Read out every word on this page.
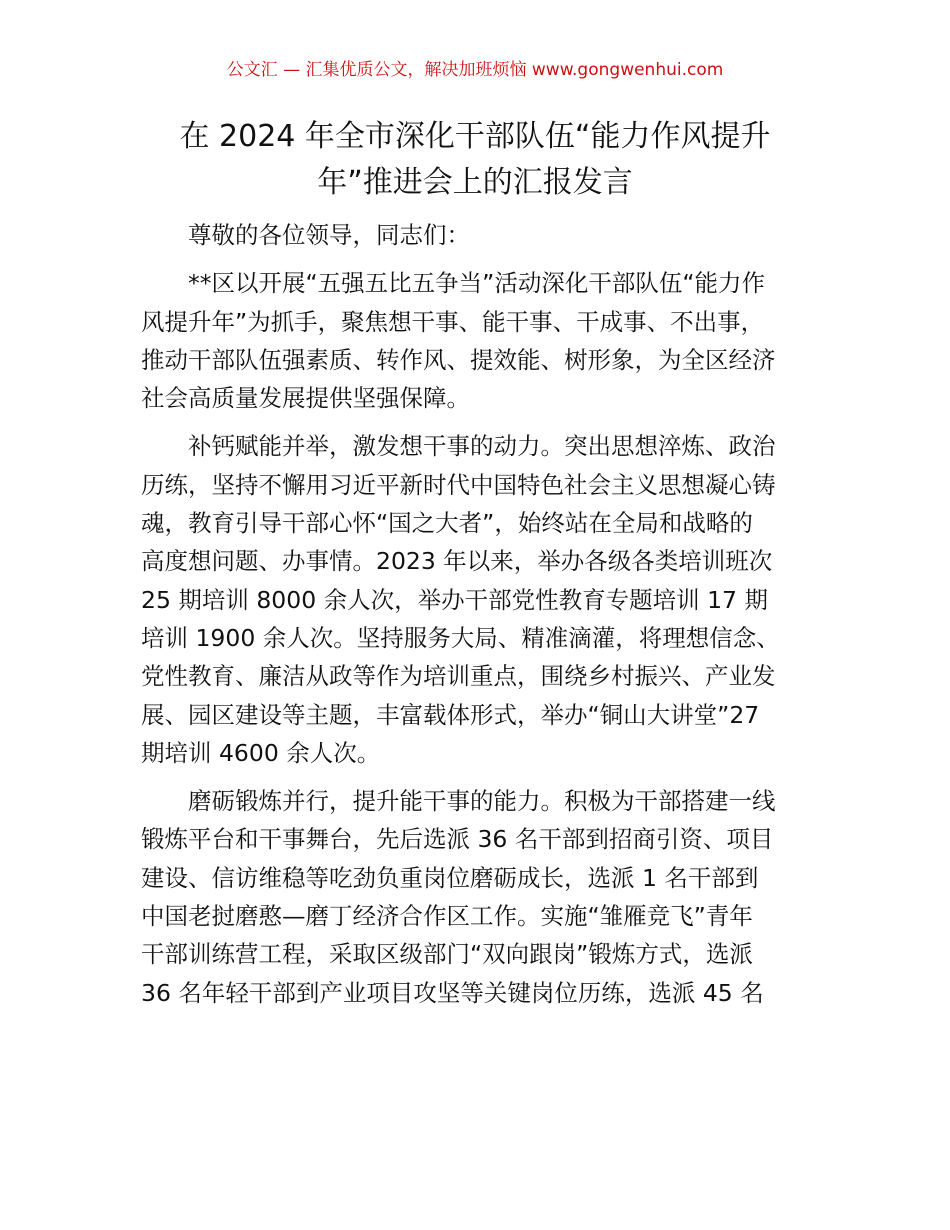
公文汇 — 汇集优质公文，解决加班烦恼 www.gongwenhui.com
在 2024 年全市深化干部队伍“能力作风提升
年”推进会上的汇报发言
尊敬的各位领导，同志们：
**区以开展“五强五比五争当”活动深化干部队伍“能力作
风提升年”为抓手，聚焦想干事、能干事、干成事、不出事，
推动干部队伍强素质、转作风、提效能、树形象，为全区经济
社会高质量发展提供坚强保障。
补钙赋能并举，激发想干事的动力。突出思想淬炼、政治
历练，坚持不懈用习近平新时代中国特色社会主义思想凝心铸
魂，教育引导干部心怀“国之大者”，始终站在全局和战略的
高度想问题、办事情。2023 年以来，举办各级各类培训班次
25 期培训 8000 余人次，举办干部党性教育专题培训 17 期
培训 1900 余人次。坚持服务大局、精准滴灌，将理想信念、
党性教育、廉洁从政等作为培训重点，围绕乡村振兴、产业发
展、园区建设等主题，丰富载体形式，举办“铜山大讲堂”27
期培训 4600 余人次。
磨砺锻炼并行，提升能干事的能力。积极为干部搭建一线
锻炼平台和干事舞台，先后选派 36 名干部到招商引资、项目
建设、信访维稳等吃劲负重岗位磨砺成长，选派 1 名干部到
中国老挝磨憨—磨丁经济合作区工作。实施“雏雁竞飞”青年
干部训练营工程，采取区级部门“双向跟岗”锻炼方式，选派
36 名年轻干部到产业项目攻坚等关键岗位历练，选派 45 名
